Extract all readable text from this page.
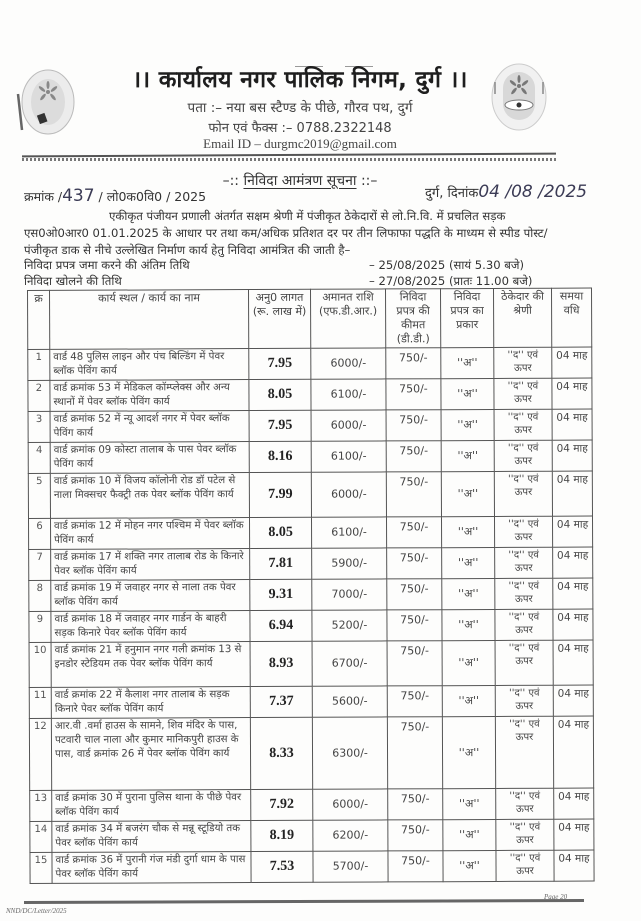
।। कार्यालय नगर पालिक निगम, दुर्ग ।।
पता :– नया बस स्टैण्ड के पीछे, गौरव पथ, दुर्ग
फोन एवं फैक्स :– 0788.2322148
Email ID – durgmc2019@gmail.com
–:: निविदा आमंत्रण सूचना ::–
क्रमांक /437 / लो0क0वि0 / 2025	दुर्ग, दिनांक04 /08 /2025
एकीकृत पंजीयन प्रणाली अंतर्गत सक्षम श्रेणी में पंजीकृत ठेकेदारों से लो.नि.वि. में प्रचलित सड़क एस0ओ0आर0 01.01.2025 के आधार पर तथा कम/अधिक प्रतिशत दर पर तीन लिफाफा पद्धति के माध्यम से स्पीड पोस्ट/पंजीकृत डाक से नीचे उल्लेखित निर्माण कार्य हेतु निविदा आमंत्रित की जाती है–
निविदा प्रपत्र जमा करने की अंतिम तिथि	– 25/08/2025 (सायं 5.30 बजे)
निविदा खोलने की तिथि	– 27/08/2025 (प्रातः 11.00 बजे)
क्र	कार्य स्थल / कार्य का नाम	अनु0 लागत (रू. लाख में)	अमानत राशि (एफ.डी.आर.)	निविदा प्रपत्र की कीमत (डी.डी.)	निविदा प्रपत्र का प्रकार	ठेकेदार की श्रेणी	समया वधि
1	वार्ड 48 पुलिस लाइन और पंच बिल्डिंग में पेवर ब्लॉक पेविंग कार्य	7.95	6000/-	750/-	''अ''	''द'' एवं ऊपर	04 माह
2	वार्ड क्रमांक 53 में मेडिकल कॉम्प्लेक्स और अन्य स्थानों में पेवर ब्लॉक पेविंग कार्य	8.05	6100/-	750/-	''अ''	''द'' एवं ऊपर	04 माह
3	वार्ड क्रमांक 52 में न्यू आदर्श नगर में पेवर ब्लॉक पेविंग कार्य	7.95	6000/-	750/-	''अ''	''द'' एवं ऊपर	04 माह
4	वार्ड क्रमांक 09 कोस्टा तालाब के पास पेवर ब्लॉक पेविंग कार्य	8.16	6100/-	750/-	''अ''	''द'' एवं ऊपर	04 माह
5	वार्ड क्रमांक 10 में विजय कॉलोनी रोड डॉ पटेल से नाला मिक्सचर फैक्ट्री तक पेवर ब्लॉक पेविंग कार्य	7.99	6000/-	750/-	''अ''	''द'' एवं ऊपर	04 माह
6	वार्ड क्रमांक 12 में मोहन नगर पश्चिम में पेवर ब्लॉक पेविंग कार्य	8.05	6100/-	750/-	''अ''	''द'' एवं ऊपर	04 माह
7	वार्ड क्रमांक 17 में शक्ति नगर तालाब रोड के किनारे पेवर ब्लॉक पेविंग कार्य	7.81	5900/-	750/-	''अ''	''द'' एवं ऊपर	04 माह
8	वार्ड क्रमांक 19 में जवाहर नगर से नाला तक पेवर ब्लॉक पेविंग कार्य	9.31	7000/-	750/-	''अ''	''द'' एवं ऊपर	04 माह
9	वार्ड क्रमांक 18 में जवाहर नगर गार्डन के बाहरी सड़क किनारे पेवर ब्लॉक पेविंग कार्य	6.94	5200/-	750/-	''अ''	''द'' एवं ऊपर	04 माह
10	वार्ड क्रमांक 21 में हनुमान नगर गली क्रमांक 13 से इनडोर स्टेडियम तक पेवर ब्लॉक पेविंग कार्य	8.93	6700/-	750/-	''अ''	''द'' एवं ऊपर	04 माह
11	वार्ड क्रमांक 22 में कैलाश नगर तालाब के सड़क किनारे पेवर ब्लॉक पेविंग कार्य	7.37	5600/-	750/-	''अ''	''द'' एवं ऊपर	04 माह
12	आर.वी .वर्मा हाउस के सामने, शिव मंदिर के पास, पटवारी चाल नाला और कुमार मानिकपुरी हाउस के पास, वार्ड क्रमांक 26 में पेवर ब्लॉक पेविंग कार्य	8.33	6300/-	750/-	''अ''	''द'' एवं ऊपर	04 माह
13	वार्ड क्रमांक 30 में पुराना पुलिस थाना के पीछे पेवर ब्लॉक पेविंग कार्य	7.92	6000/-	750/-	''अ''	''द'' एवं ऊपर	04 माह
14	वार्ड क्रमांक 34 में बजरंग चौक से मन्नू स्टूडियो तक पेवर ब्लॉक पेविंग कार्य	8.19	6200/-	750/-	''अ''	''द'' एवं ऊपर	04 माह
15	वार्ड क्रमांक 36 में पुरानी गंज मंडी दुर्गा धाम के पास पेवर ब्लॉक पेविंग कार्य	7.53	5700/-	750/-	''अ''	''द'' एवं ऊपर	04 माह
NND/DC/Letter/2025
Page 20
